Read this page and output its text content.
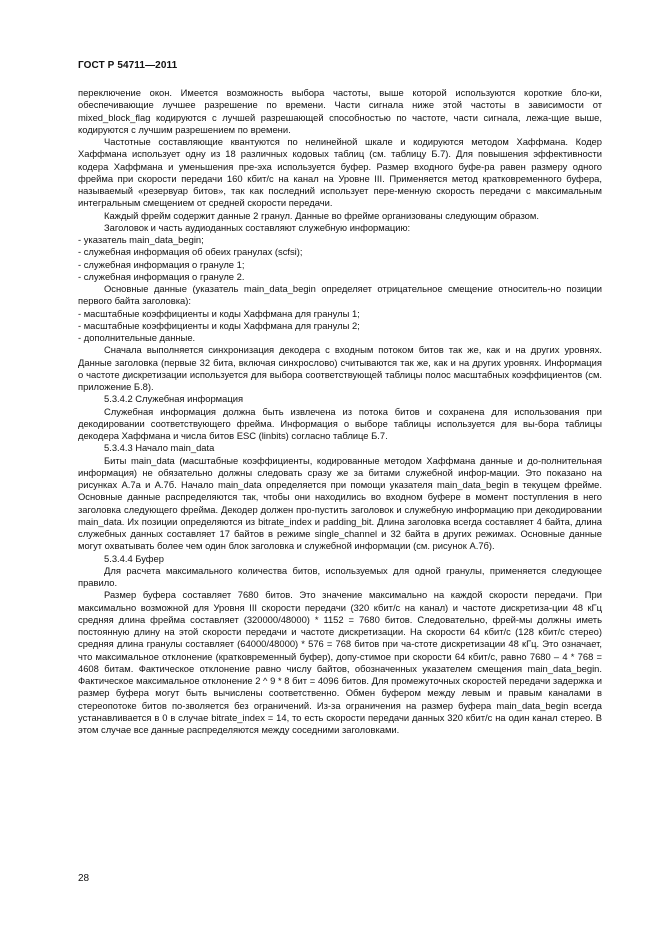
ГОСТ Р 54711—2011

переключение окон. Имеется возможность выбора частоты, выше которой используются короткие бло-ки, обеспечивающие лучшее разрешение по времени. Части сигнала ниже этой частоты в зависимости от mixed_block_flag кодируются с лучшей разрешающей способностью по частоте, части сигнала, лежа-щие выше, кодируются с лучшим разрешением по времени.

Частотные составляющие квантуются по нелинейной шкале и кодируются методом Хаффмана. Кодер Хаффмана использует одну из 18 различных кодовых таблиц (см. таблицу Б.7). Для повышения эффективности кодера Хаффмана и уменьшения пре-эха используется буфер. Размер входного буфе-ра равен размеру одного фрейма при скорости передачи 160 кбит/с на канал на Уровне III. Применяется метод кратковременного буфера, называемый «резервуар битов», так как последний использует пере-менную скорость передачи с максимальным интегральным смещением от средней скорости передачи.

Каждый фрейм содержит данные 2 гранул. Данные во фрейме организованы следующим образом.

Заголовок и часть аудиоданных составляют служебную информацию:

- указатель main_data_begin;

- служебная информация об обеих гранулах (scfsi);

- служебная информация о грануле 1;

- служебная информация о грануле 2.

Основные данные (указатель main_data_begin определяет отрицательное смещение относитель-но позиции первого байта заголовка):

- масштабные коэффициенты и коды Хаффмана для гранулы 1;

- масштабные коэффициенты и коды Хаффмана для гранулы 2;

- дополнительные данные.

Сначала выполняется синхронизация декодера с входным потоком битов так же, как и на других уровнях. Данные заголовка (первые 32 бита, включая синхрослово) считываются так же, как и на других уровнях. Информация о частоте дискретизации используется для выбора соответствующей таблицы полос масштабных коэффициентов (см. приложение Б.8).

5.3.4.2 Служебная информация

Служебная информация должна быть извлечена из потока битов и сохранена для использования при декодировании соответствующего фрейма. Информация о выборе таблицы используется для вы-бора таблицы декодера Хаффмана и числа битов ESC (linbits) согласно таблице Б.7.

5.3.4.3 Начало main_data

Биты main_data (масштабные коэффициенты, кодированные методом Хаффмана данные и до-полнительная информация) не обязательно должны следовать сразу же за битами служебной инфор-мации. Это показано на рисунках А.7а и А.7б. Начало main_data определяется при помощи указателя main_data_begin в текущем фрейме. Основные данные распределяются так, чтобы они находились во входном буфере в момент поступления в него заголовка следующего фрейма. Декодер должен про-пустить заголовок и служебную информацию при декодировании main_data. Их позиции определяются из bitrate_index и padding_bit. Длина заголовка всегда составляет 4 байта, длина служебных данных составляет 17 байтов в режиме single_channel и 32 байта в других режимах. Основные данные могут охватывать более чем один блок заголовка и служебной информации (см. рисунок А.7б).

5.3.4.4 Буфер

Для расчета максимального количества битов, используемых для одной гранулы, применяется следующее правило.

Размер буфера составляет 7680 битов. Это значение максимально на каждой скорости передачи. При максимально возможной для Уровня III скорости передачи (320 кбит/с на канал) и частоте дискретиза-ции 48 кГц средняя длина фрейма составляет (320000/48000) * 1152 = 7680 битов. Следовательно, фрей-мы должны иметь постоянную длину на этой скорости передачи и частоте дискретизации. На скорости 64 кбит/с (128 кбит/с стерео) средняя длина гранулы составляет (64000/48000) * 576 = 768 битов при ча-стоте дискретизации 48 кГц. Это означает, что максимальное отклонение (кратковременный буфер), допу-стимое при скорости 64 кбит/с, равно 7680 – 4 * 768 = 4608 битам. Фактическое отклонение равно числу байтов, обозначенных указателем смещения main_data_begin. Фактическое максимальное отклонение 2 ^ 9 * 8 бит = 4096 битов. Для промежуточных скоростей передачи задержка и размер буфера могут быть вычислены соответственно. Обмен буфером между левым и правым каналами в стереопотоке битов по-зволяется без ограничений. Из-за ограничения на размер буфера main_data_begin всегда устанавливается в 0 в случае bitrate_index = 14, то есть скорости передачи данных 320 кбит/с на один канал стерео. В этом случае все данные распределяются между соседними заголовками.

28
